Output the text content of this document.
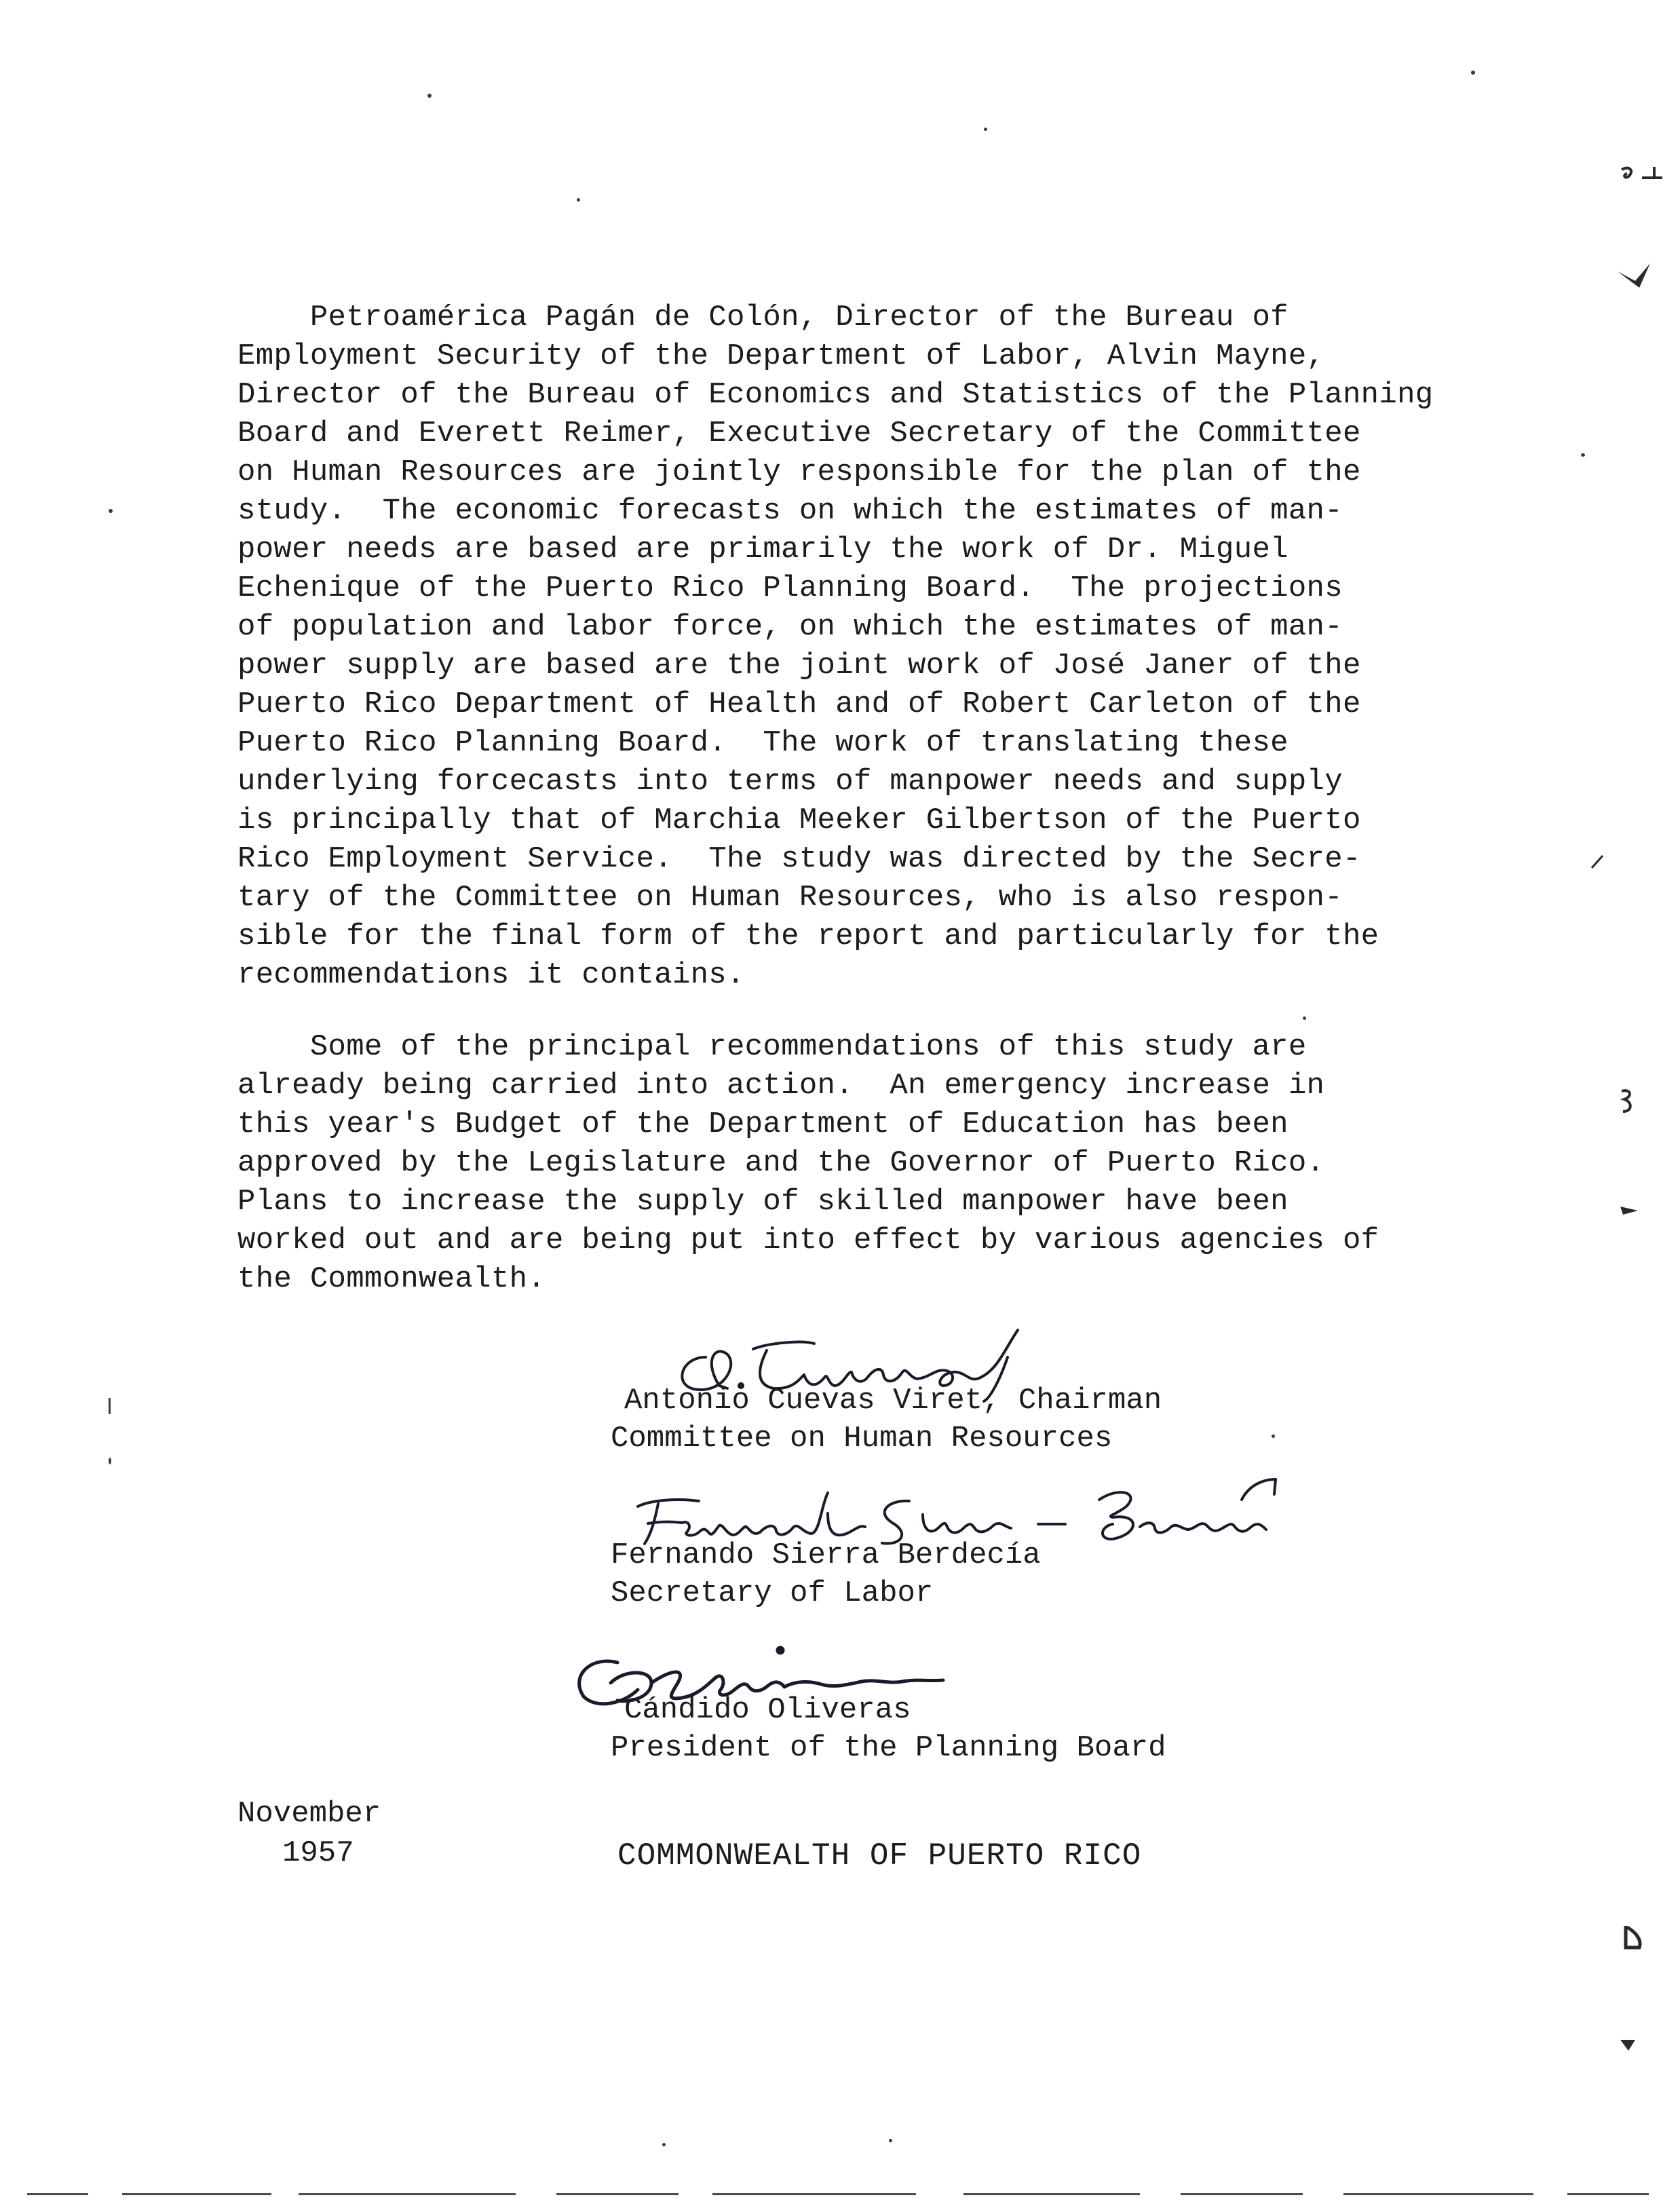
Petroamérica Pagán de Colón, Director of the Bureau of
Employment Security of the Department of Labor, Alvin Mayne,
Director of the Bureau of Economics and Statistics of the Planning
Board and Everett Reimer, Executive Secretary of the Committee
on Human Resources are jointly responsible for the plan of the
study.  The economic forecasts on which the estimates of man-
power needs are based are primarily the work of Dr. Miguel
Echenique of the Puerto Rico Planning Board.  The projections
of population and labor force, on which the estimates of man-
power supply are based are the joint work of José Janer of the
Puerto Rico Department of Health and of Robert Carleton of the
Puerto Rico Planning Board.  The work of translating these
underlying forcecasts into terms of manpower needs and supply
is principally that of Marchia Meeker Gilbertson of the Puerto
Rico Employment Service.  The study was directed by the Secre-
tary of the Committee on Human Resources, who is also respon-
sible for the final form of the report and particularly for the
recommendations it contains.
Some of the principal recommendations of this study are
already being carried into action.  An emergency increase in
this year's Budget of the Department of Education has been
approved by the Legislature and the Governor of Puerto Rico.
Plans to increase the supply of skilled manpower have been
worked out and are being put into effect by various agencies of
the Commonwealth.
Antonio Cuevas Viret, Chairman
Committee on Human Resources
Fernando Sierra Berdecía
Secretary of Labor
Cándido Oliveras
President of the Planning Board
November
1957	COMMONWEALTH OF PUERTO RICO
